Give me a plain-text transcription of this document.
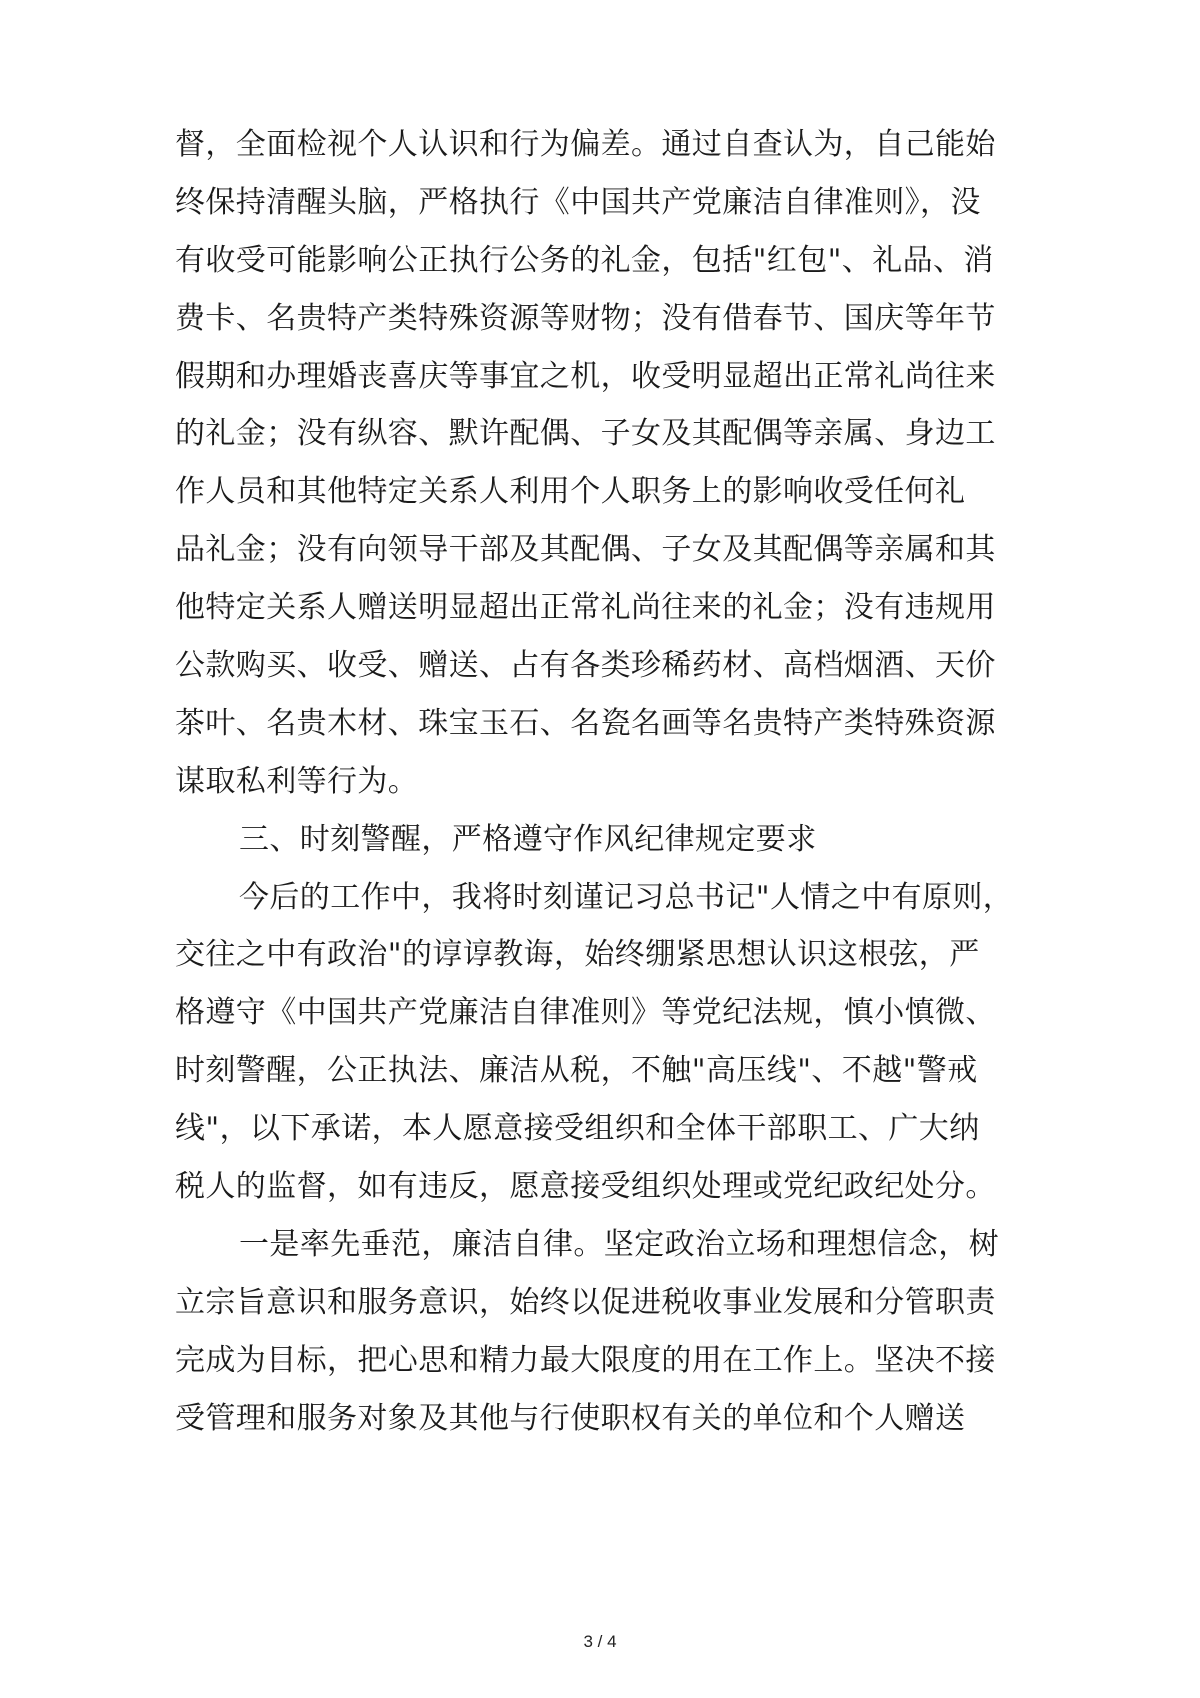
督，全面检视个人认识和行为偏差。通过自查认为，自己能始
终保持清醒头脑，严格执行《中国共产党廉洁自律准则》，没
有收受可能影响公正执行公务的礼金，包括"红包"、礼品、消
费卡、名贵特产类特殊资源等财物；没有借春节、国庆等年节
假期和办理婚丧喜庆等事宜之机，收受明显超出正常礼尚往来
的礼金；没有纵容、默许配偶、子女及其配偶等亲属、身边工
作人员和其他特定关系人利用个人职务上的影响收受任何礼
品礼金；没有向领导干部及其配偶、子女及其配偶等亲属和其
他特定关系人赠送明显超出正常礼尚往来的礼金；没有违规用
公款购买、收受、赠送、占有各类珍稀药材、高档烟酒、天价
茶叶、名贵木材、珠宝玉石、名瓷名画等名贵特产类特殊资源
谋取私利等行为。
三、时刻警醒，严格遵守作风纪律规定要求
今后的工作中，我将时刻谨记习总书记"人情之中有原则，
交往之中有政治"的谆谆教诲，始终绷紧思想认识这根弦，严
格遵守《中国共产党廉洁自律准则》等党纪法规，慎小慎微、
时刻警醒，公正执法、廉洁从税，不触"高压线"、不越"警戒
线"，以下承诺，本人愿意接受组织和全体干部职工、广大纳
税人的监督，如有违反，愿意接受组织处理或党纪政纪处分。
一是率先垂范，廉洁自律。坚定政治立场和理想信念，树
立宗旨意识和服务意识，始终以促进税收事业发展和分管职责
完成为目标，把心思和精力最大限度的用在工作上。坚决不接
受管理和服务对象及其他与行使职权有关的单位和个人赠送
3 / 4
